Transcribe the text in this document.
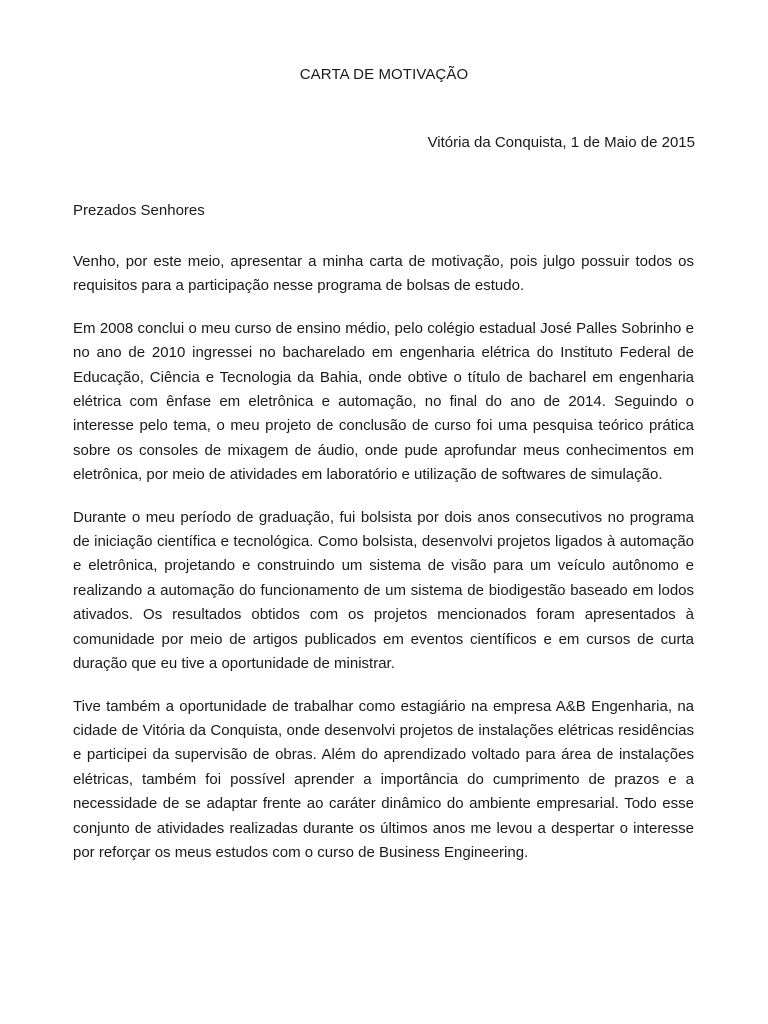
CARTA DE MOTIVAÇÃO
Vitória da Conquista, 1 de Maio de 2015
Prezados Senhores

Venho, por este meio, apresentar a minha carta de motivação, pois julgo possuir todos os requisitos para a participação nesse programa de bolsas de estudo.

Em 2008 conclui o meu curso de ensino médio, pelo colégio estadual José Palles Sobrinho e no ano de 2010 ingressei no bacharelado em engenharia elétrica do Instituto Federal de Educação, Ciência e Tecnologia da Bahia, onde obtive o título de bacharel em engenharia elétrica com ênfase em eletrônica e automação, no final do ano de 2014. Seguindo o interesse pelo tema, o meu projeto de conclusão de curso foi uma pesquisa teórico prática sobre os consoles de mixagem de áudio, onde pude aprofundar meus conhecimentos em eletrônica, por meio de atividades em laboratório e utilização de softwares de simulação.

Durante o meu período de graduação, fui bolsista por dois anos consecutivos no programa de iniciação científica e tecnológica. Como bolsista, desenvolvi projetos ligados à automação e eletrônica, projetando e construindo um sistema de visão para um veículo autônomo e realizando a automação do funcionamento de um sistema de biodigestão baseado em lodos ativados. Os resultados obtidos com os projetos mencionados foram apresentados à comunidade por meio de artigos publicados em eventos científicos e em cursos de curta duração que eu tive a oportunidade de ministrar.

Tive também a oportunidade de trabalhar como estagiário na empresa A&B Engenharia, na cidade de Vitória da Conquista, onde desenvolvi projetos de instalações elétricas residências e participei da supervisão de obras. Além do aprendizado voltado para área de instalações elétricas, também foi possível aprender a importância do cumprimento de prazos e a necessidade de se adaptar frente ao caráter dinâmico do ambiente empresarial. Todo esse conjunto de atividades realizadas durante os últimos anos me levou a despertar o interesse por reforçar os meus estudos com o curso de Business Engineering.
